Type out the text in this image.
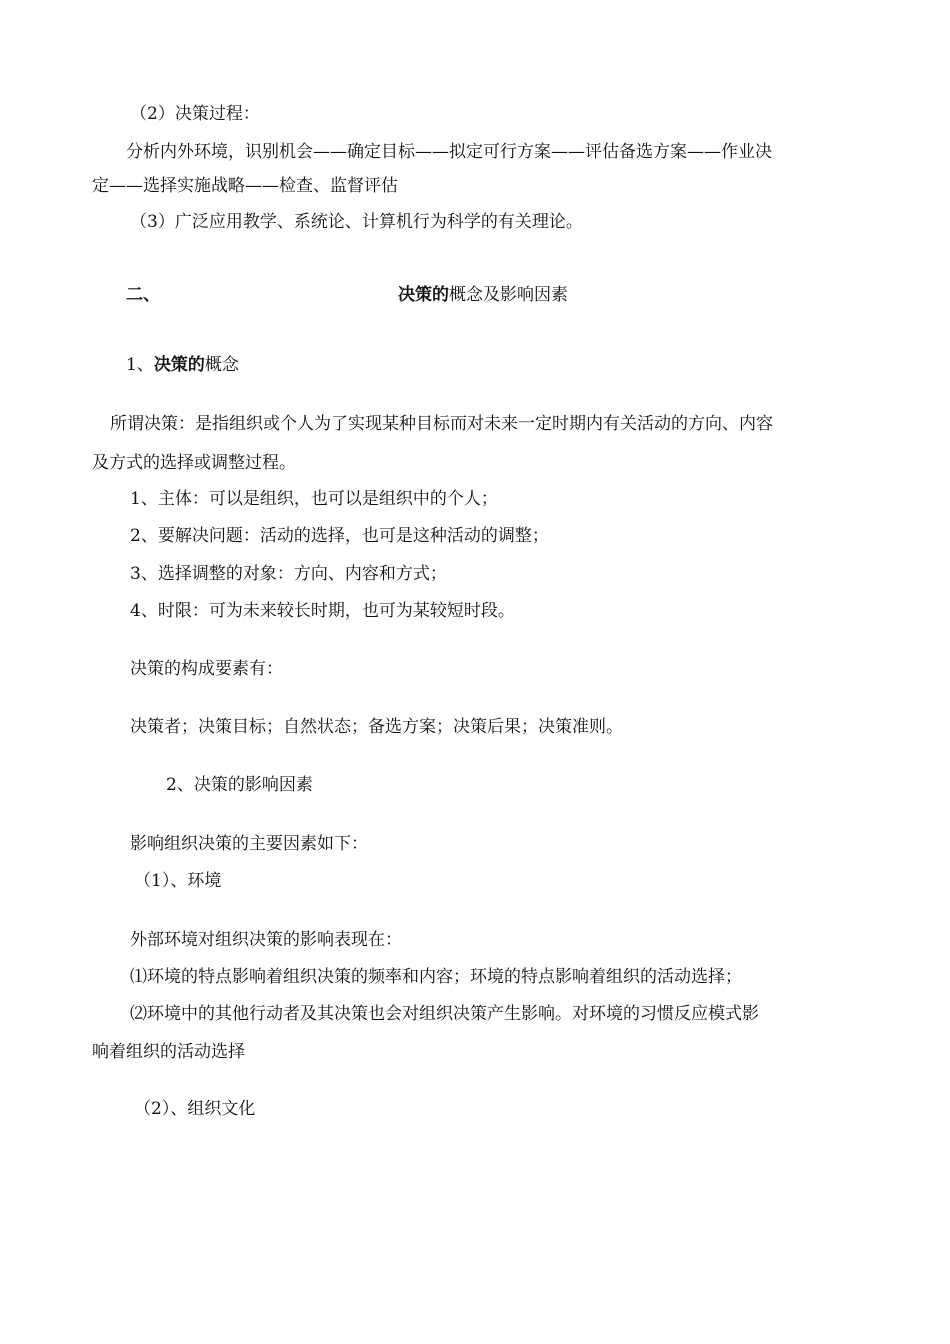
（2）决策过程：
分析内外环境，识别机会——确定目标——拟定可行方案——评估备选方案——作业决
定——选择实施战略——检查、监督评估
（3）广泛应用教学、系统论、计算机行为科学的有关理论。
二、	决策的概念及影响因素
1、决策的概念
所谓决策：是指组织或个人为了实现某种目标而对未来一定时期内有关活动的方向、内容
及方式的选择或调整过程。
1、主体：可以是组织，也可以是组织中的个人；
2、要解决问题：活动的选择，也可是这种活动的调整；
3、选择调整的对象：方向、内容和方式；
4、时限：可为未来较长时期，也可为某较短时段。
决策的构成要素有：
决策者；决策目标；自然状态；备选方案；决策后果；决策准则。
2、决策的影响因素
影响组织决策的主要因素如下：
（1）、环境
外部环境对组织决策的影响表现在：
⑴环境的特点影响着组织决策的频率和内容；环境的特点影响着组织的活动选择；
⑵环境中的其他行动者及其决策也会对组织决策产生影响。对环境的习惯反应模式影
响着组织的活动选择
（2）、组织文化
